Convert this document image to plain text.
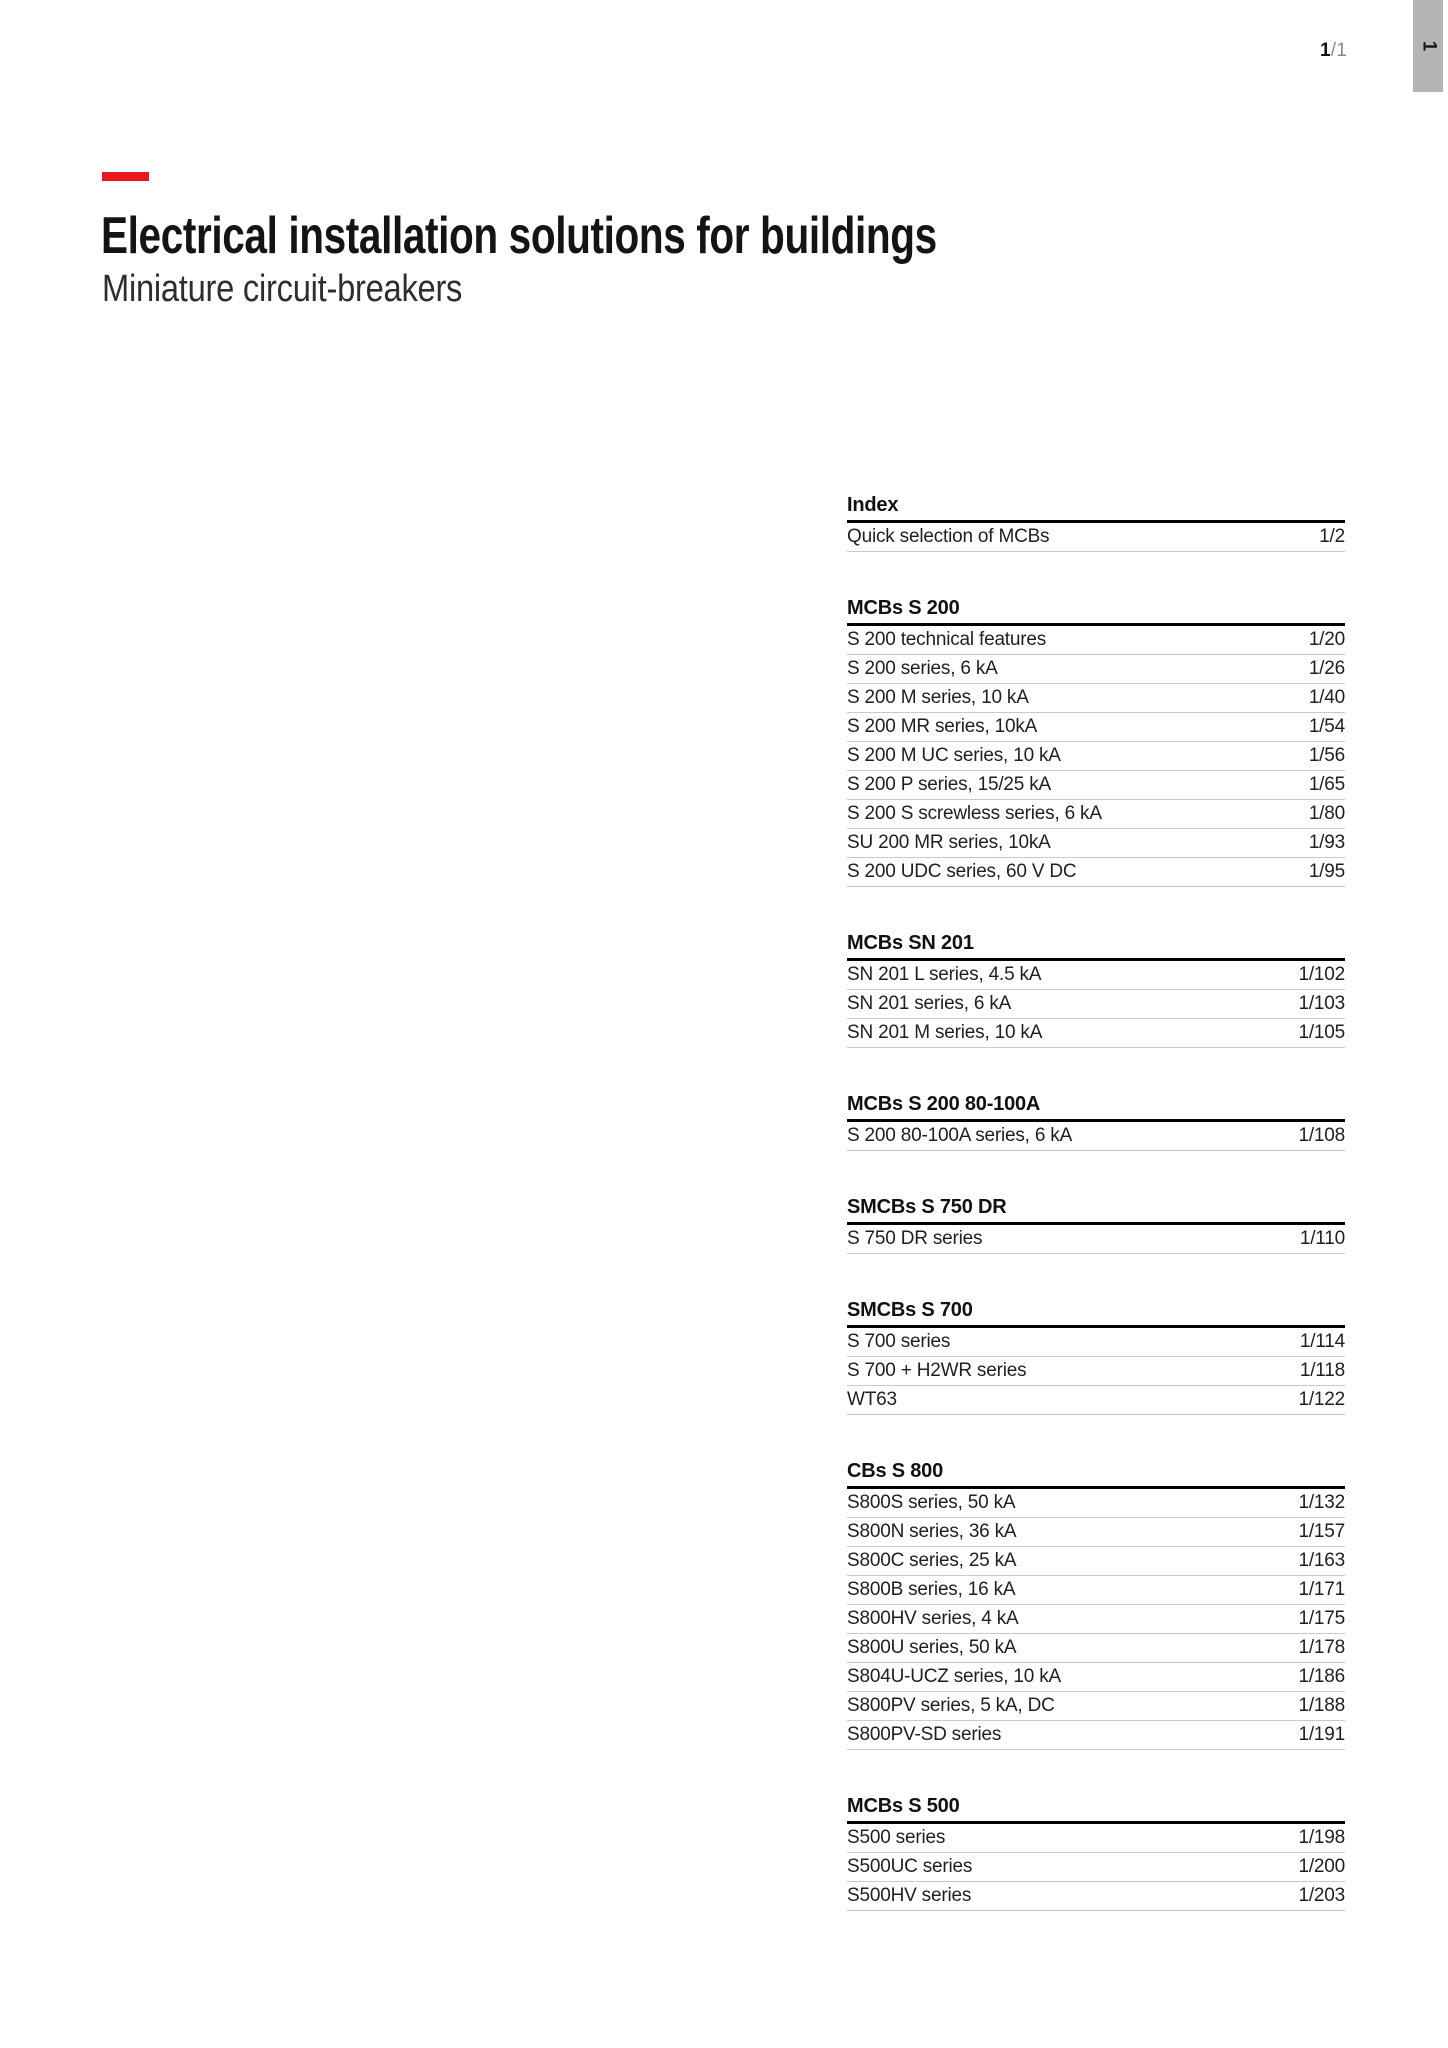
1/1	1
Electrical installation solutions for buildings
Miniature circuit-breakers
Index
Quick selection of MCBs	1/2
MCBs S 200
S 200 technical features	1/20
S 200 series, 6 kA	1/26
S 200 M series, 10 kA	1/40
S 200 MR series, 10kA	1/54
S 200 M UC series, 10 kA	1/56
S 200 P series, 15/25 kA	1/65
S 200 S screwless series, 6 kA	1/80
SU 200 MR series, 10kA	1/93
S 200 UDC series, 60 V DC	1/95
MCBs SN 201
SN 201 L series, 4.5 kA	1/102
SN 201 series, 6 kA	1/103
SN 201 M series, 10 kA	1/105
MCBs S 200 80-100A
S 200 80-100A series, 6 kA	1/108
SMCBs S 750 DR
S 750 DR series	1/110
SMCBs S 700
S 700 series	1/114
S 700 + H2WR series	1/118
WT63	1/122
CBs S 800
S800S series, 50 kA	1/132
S800N series, 36 kA	1/157
S800C series, 25 kA	1/163
S800B series, 16 kA	1/171
S800HV series, 4 kA	1/175
S800U series, 50 kA	1/178
S804U-UCZ series, 10 kA	1/186
S800PV series, 5 kA, DC	1/188
S800PV-SD series	1/191
MCBs S 500
S500 series	1/198
S500UC series	1/200
S500HV series	1/203
